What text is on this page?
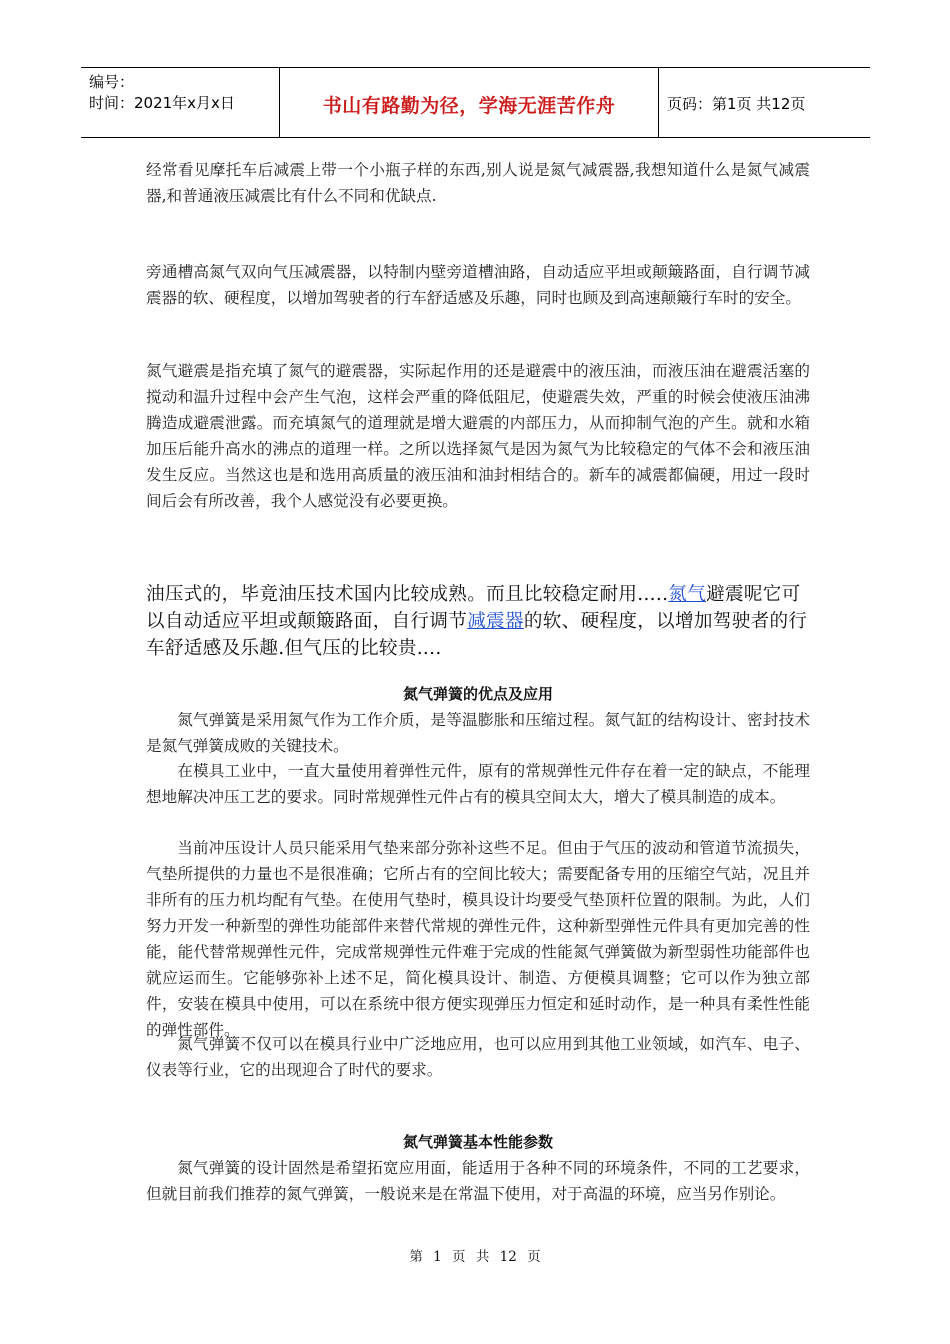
编号：
时间：2021年x月x日	书山有路勤为径，学海无涯苦作舟	页码：第1页 共12页

经常看见摩托车后减震上带一个小瓶子样的东西,别人说是氮气减震器,我想知道什么是氮气减震器,和普通液压减震比有什么不同和优缺点.

旁通槽高氮气双向气压减震器，以特制内壁旁道槽油路，自动适应平坦或颠簸路面，自行调节减震器的软、硬程度，以增加驾驶者的行车舒适感及乐趣，同时也顾及到高速颠簸行车时的安全。

氮气避震是指充填了氮气的避震器，实际起作用的还是避震中的液压油，而液压油在避震活塞的搅动和温升过程中会产生气泡，这样会严重的降低阻尼，使避震失效，严重的时候会使液压油沸腾造成避震泄露。而充填氮气的道理就是增大避震的内部压力，从而抑制气泡的产生。就和水箱加压后能升高水的沸点的道理一样。之所以选择氮气是因为氮气为比较稳定的气体不会和液压油发生反应。当然这也是和选用高质量的液压油和油封相结合的。新车的减震都偏硬，用过一段时间后会有所改善，我个人感觉没有必要更换。

油压式的，毕竟油压技术国内比较成熟。而且比较稳定耐用.....氮气避震呢它可以自动适应平坦或颠簸路面，自行调节减震器的软、硬程度，以增加驾驶者的行车舒适感及乐趣.但气压的比较贵....

氮气弹簧的优点及应用

氮气弹簧是采用氮气作为工作介质，是等温膨胀和压缩过程。氮气缸的结构设计、密封技术是氮气弹簧成败的关键技术。

在模具工业中，一直大量使用着弹性元件，原有的常规弹性元件存在着一定的缺点，不能理想地解决冲压工艺的要求。同时常规弹性元件占有的模具空间太大，增大了模具制造的成本。

当前冲压设计人员只能采用气垫来部分弥补这些不足。但由于气压的波动和管道节流损失，气垫所提供的力量也不是很准确；它所占有的空间比较大；需要配备专用的压缩空气站，况且并非所有的压力机均配有气垫。在使用气垫时，模具设计均要受气垫顶杆位置的限制。为此，人们努力开发一种新型的弹性功能部件来替代常规的弹性元件，这种新型弹性元件具有更加完善的性能，能代替常规弹性元件，完成常规弹性元件难于完成的性能氮气弹簧做为新型弱性功能部件也就应运而生。它能够弥补上述不足，简化模具设计、制造、方便模具调整；它可以作为独立部件，安装在模具中使用，可以在系统中很方便实现弹压力恒定和延时动作，是一种具有柔性性能的弹性部件。

氮气弹簧不仅可以在模具行业中广泛地应用，也可以应用到其他工业领域，如汽车、电子、仪表等行业，它的出现迎合了时代的要求。

氮气弹簧基本性能参数

氮气弹簧的设计固然是希望拓宽应用面，能适用于各种不同的环境条件，不同的工艺要求，但就目前我们推荐的氮气弹簧，一般说来是在常温下使用，对于高温的环境，应当另作别论。

第 1 页 共 12 页
